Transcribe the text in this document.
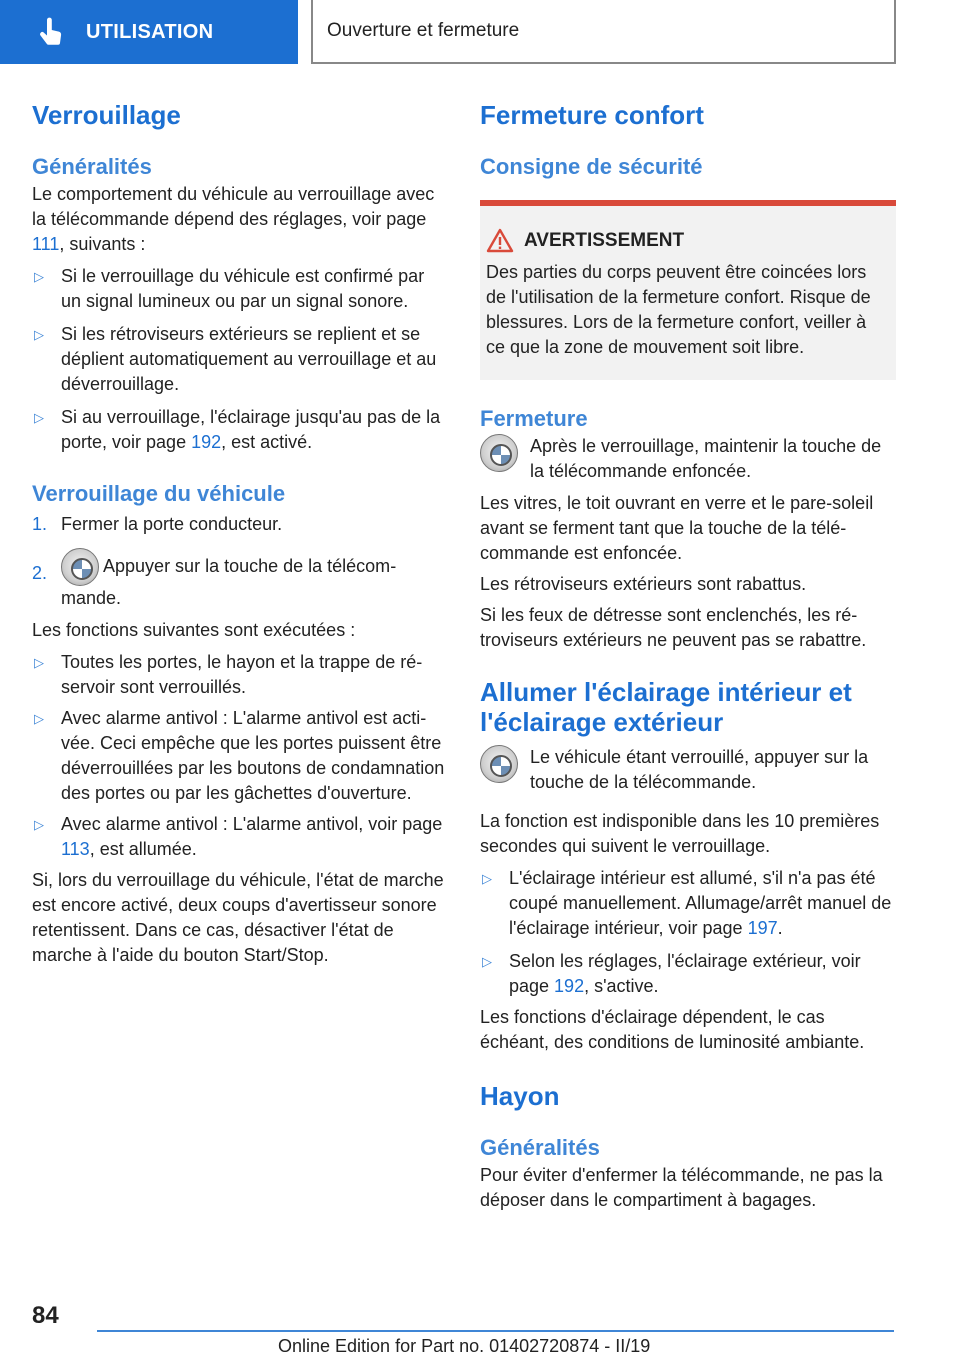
UTILISATION	Ouverture et fermeture
Verrouillage
Généralités

Le comportement du véhicule au verrouillage avec la télécommande dépend des réglages, voir page 111, suivants :

▷ Si le verrouillage du véhicule est confirmé par un signal lumineux ou par un signal sonore.
▷ Si les rétroviseurs extérieurs se replient et se déplient automatiquement au verrouillage et au déverrouillage.
▷ Si au verrouillage, l'éclairage jusqu'au pas de la porte, voir page 192, est activé.
Verrouillage du véhicule
1. Fermer la porte conducteur.
2.	Appuyer sur la touche de la télécommande.

Les fonctions suivantes sont exécutées :

▷ Toutes les portes, le hayon et la trappe de réservoir sont verrouillés.
▷ Avec alarme antivol : L'alarme antivol est activée. Ceci empêche que les portes puissent être déverrouillées par les boutons de condamnation des portes ou par les gâchettes d'ouverture.
▷ Avec alarme antivol : L'alarme antivol, voir page 113, est allumée.

Si, lors du verrouillage du véhicule, l'état de marche est encore activé, deux coups d'avertisseur sonore retentissent. Dans ce cas, désactiver l'état de marche à l'aide du bouton Start/Stop.

Fermeture confort
Consigne de sécurité
AVERTISSEMENT

Des parties du corps peuvent être coincées lors de l'utilisation de la fermeture confort. Risque de blessures. Lors de la fermeture confort, veiller à ce que la zone de mouvement soit libre.

Fermeture

Après le verrouillage, maintenir la touche de la télécommande enfoncée.

Les vitres, le toit ouvrant en verre et le pare-soleil avant se ferment tant que la touche de la télécommande est enfoncée.

Les rétroviseurs extérieurs sont rabattus.

Si les feux de détresse sont enclenchés, les rétroviseurs extérieurs ne peuvent pas se rabattre.

Allumer l'éclairage intérieur et l'éclairage extérieur

Le véhicule étant verrouillé, appuyer sur la touche de la télécommande.

La fonction est indisponible dans les 10 premières secondes qui suivent le verrouillage.

▷ L'éclairage intérieur est allumé, s'il n'a pas été coupé manuellement. Allumage/arrêt manuel de l'éclairage intérieur, voir page 197.
▷ Selon les réglages, l'éclairage extérieur, voir page 192, s'active.

Les fonctions d'éclairage dépendent, le cas échéant, des conditions de luminosité ambiante.

Hayon
Généralités

Pour éviter d'enfermer la télécommande, ne pas la déposer dans le compartiment à bagages.

84
Online Edition for Part no. 01402720874 - II/19
